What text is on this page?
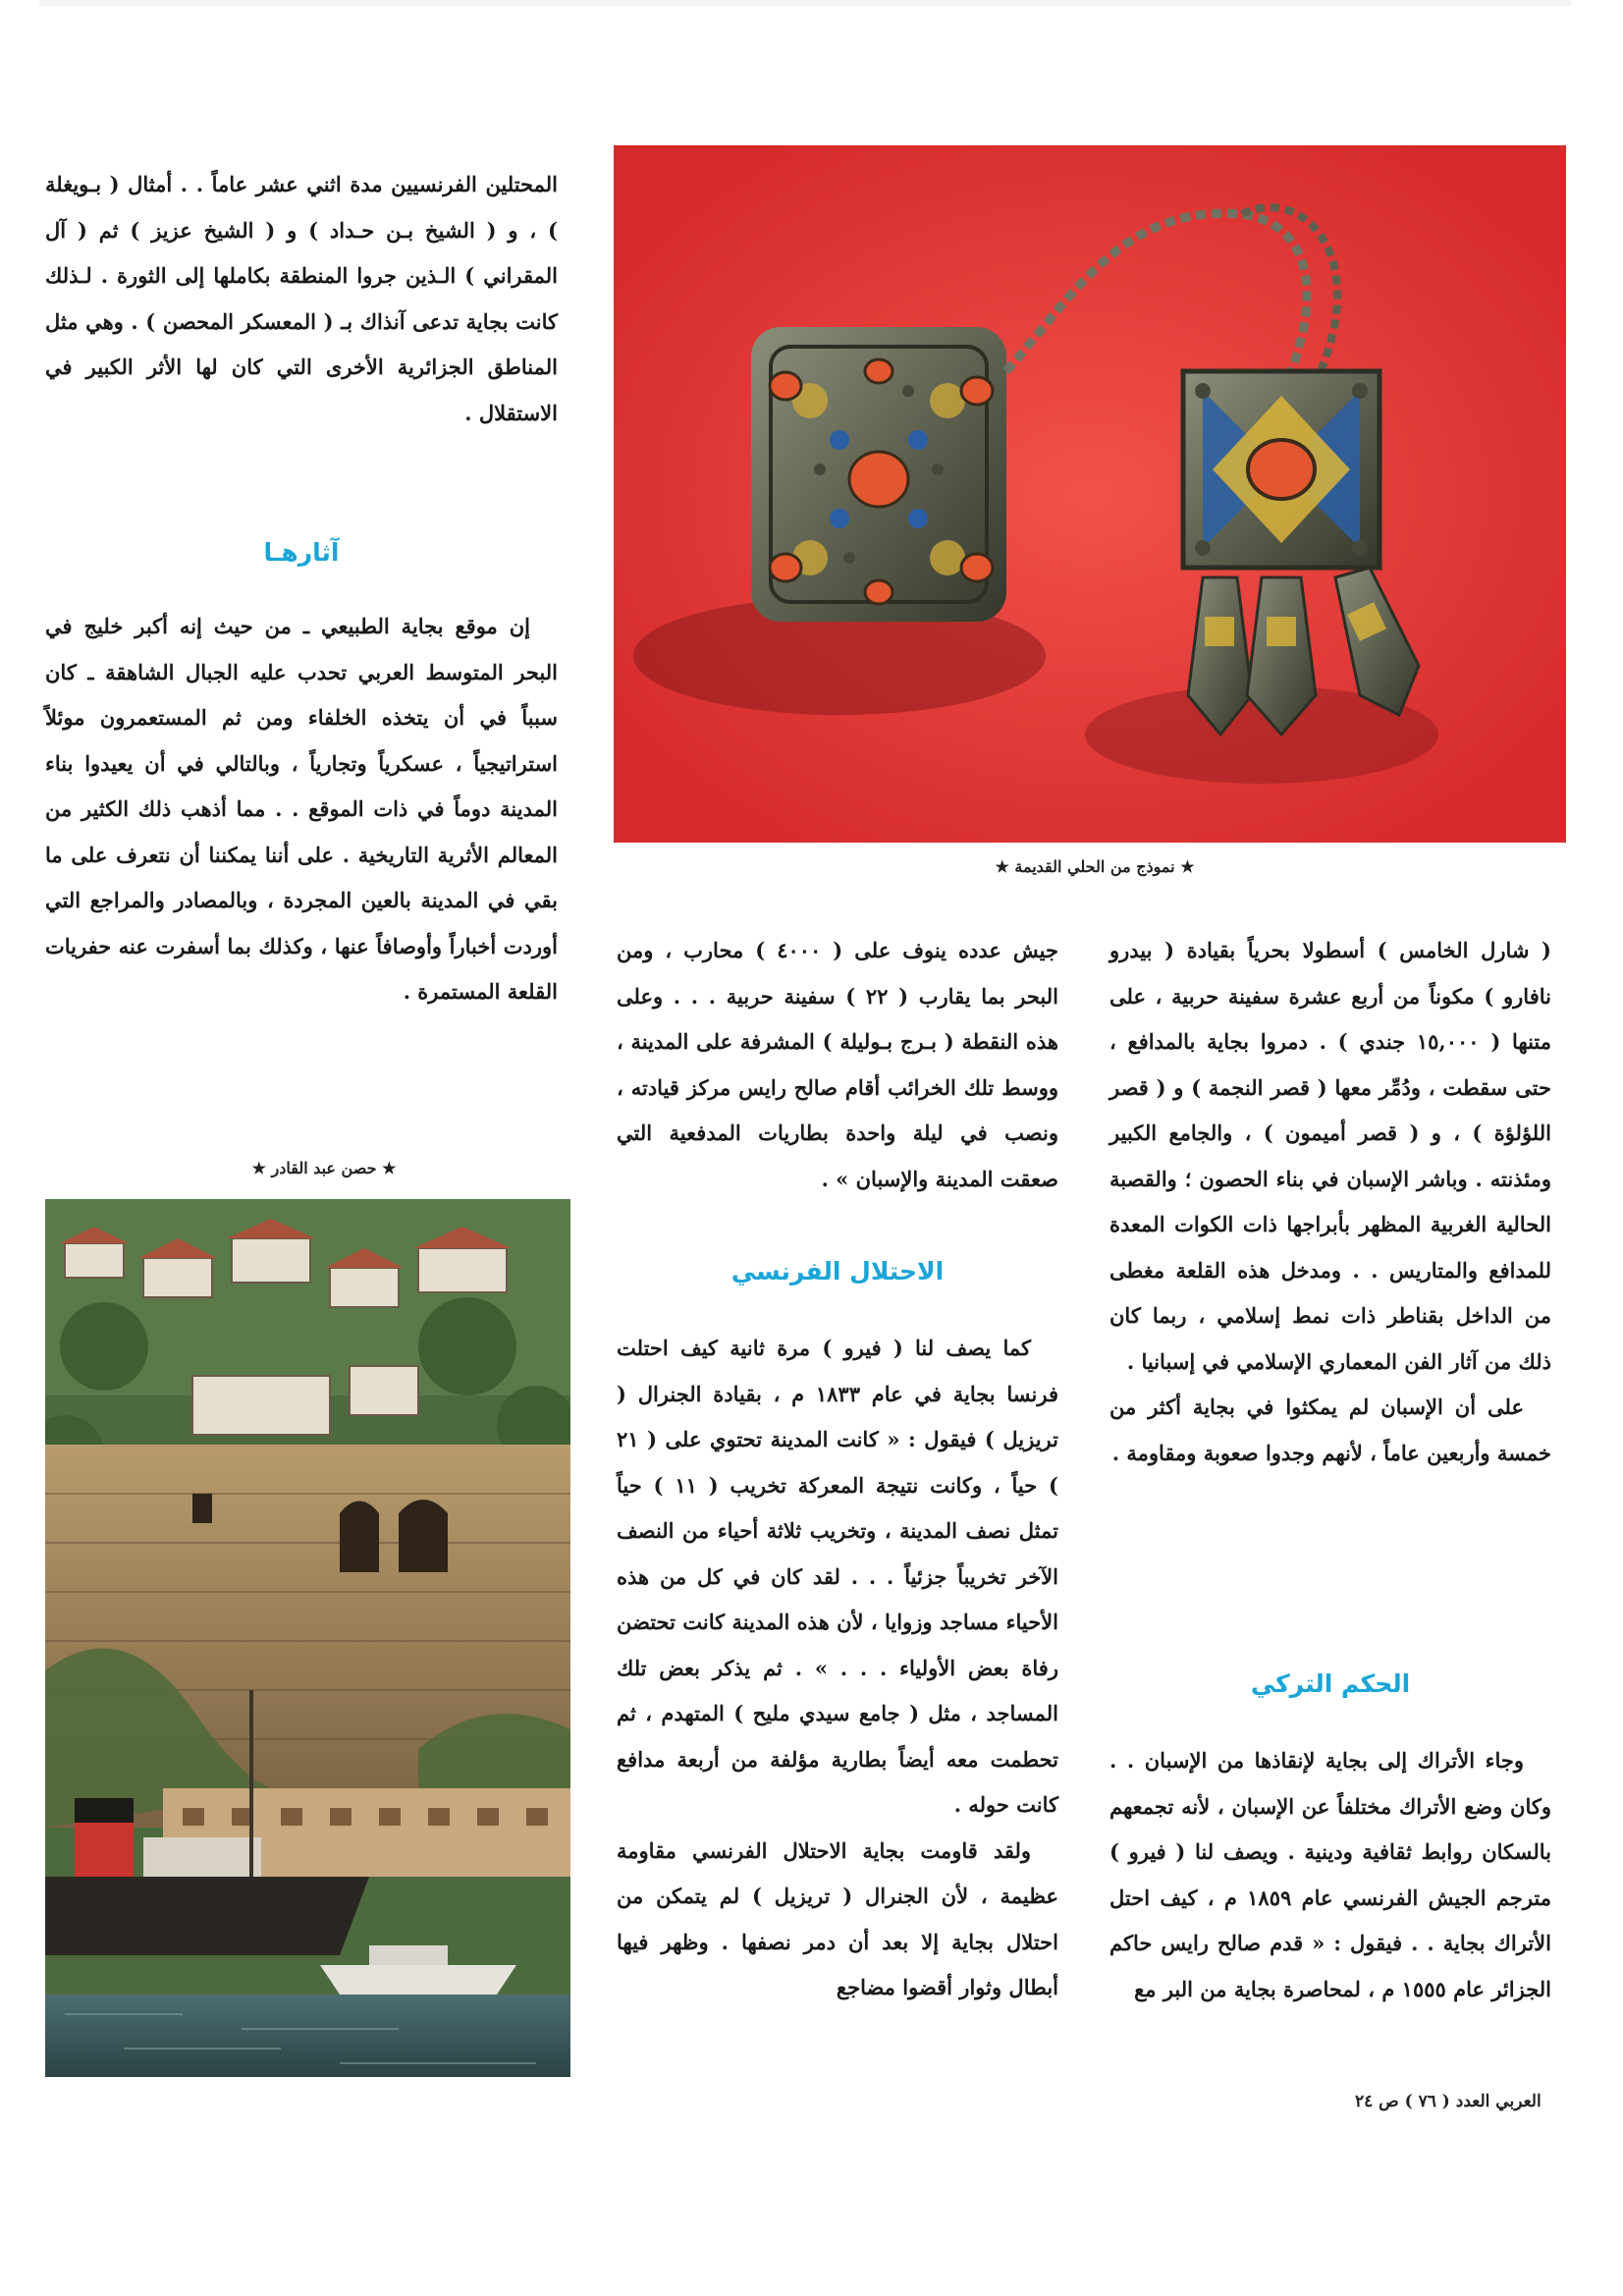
★ نموذج من الحلي القديمة ★

المحتلين الفرنسيين مدة اثني عشر عاماً . . أمثال ( بـويغلة ) ، و ( الشيخ بـن حـداد ) و ( الشيخ عزيز ) ثم ( آل المقراني ) الـذين جروا المنطقة بكاملها إلى الثورة . لـذلك كانت بجاية تدعى آنذاك بـ ( المعسكر المحصن ) . وهي مثل المناطق الجزائرية الأخرى التي كان لها الأثر الكبير في الاستقلال .

آثارهـا

إن موقع بجاية الطبيعي ـ من حيث إنه أكبر خليج في البحر المتوسط العربي تحدب عليه الجبال الشاهقة ـ كان سبباً في أن يتخذه الخلفاء ومن ثم المستعمرون موئلاً استراتيجياً ، عسكرياً وتجارياً ، وبالتالي في أن يعيدوا بناء المدينة دوماً في ذات الموقع . . مما أذهب ذلك الكثير من المعالم الأثرية التاريخية . على أننا يمكننا أن نتعرف على ما بقي في المدينة بالعين المجردة ، وبالمصادر والمراجع التي أوردت أخباراً وأوصافاً عنها ، وكذلك بما أسفرت عنه حفريات القلعة المستمرة .

★ حصن عبد القادر ★

جيش عدده ينوف على ( ٤٠٠٠ ) محارب ، ومن البحر بما يقارب ( ٢٢ ) سفينة حربية . . . وعلى هذه النقطة ( بـرج بـوليلة ) المشرفة على المدينة ، ووسط تلك الخرائب أقام صالح رايس مركز قيادته ، ونصب في ليلة واحدة بطاريات المدفعية التي صعقت المدينة والإسبان » .

الاحتلال الفرنسي

كما يصف لنا ( فيرو ) مرة ثانية كيف احتلت فرنسا بجاية في عام ١٨٣٣ م ، بقيادة الجنرال ( تريزيل ) فيقول : « كانت المدينة تحتوي على ( ٢١ ) حياً ، وكانت نتيجة المعركة تخريب ( ١١ ) حياً تمثل نصف المدينة ، وتخريب ثلاثة أحياء من النصف الآخر تخريباً جزئياً . . . لقد كان في كل من هذه الأحياء مساجد وزوايا ، لأن هذه المدينة كانت تحتضن رفاة بعض الأولياء . . . » . ثم يذكر بعض تلك المساجد ، مثل ( جامع سيدي مليح ) المتهدم ، ثم تحطمت معه أيضاً بطارية مؤلفة من أربعة مدافع كانت حوله .

ولقد قاومت بجاية الاحتلال الفرنسي مقاومة عظيمة ، لأن الجنرال ( تريزيل ) لم يتمكن من احتلال بجاية إلا بعد أن دمر نصفها . وظهر فيها أبطال وثوار أقضوا مضاجع

( شارل الخامس ) أسطولا بحرياً بقيادة ( بيدرو نافارو ) مكوناً من أربع عشرة سفينة حربية ، على متنها ( ١٥,٠٠٠ جندي ) . دمروا بجاية بالمدافع ، حتى سقطت ، ودُمِّر معها ( قصر النجمة ) و ( قصر اللؤلؤة ) ، و ( قصر أميمون ) ، والجامع الكبير ومئذنته . وباشر الإسبان في بناء الحصون ؛ والقصبة الحالية الغربية المظهر بأبراجها ذات الكوات المعدة للمدافع والمتاريس . . ومدخل هذه القلعة مغطى من الداخل بقناطر ذات نمط إسلامي ، ربما كان ذلك من آثار الفن المعماري الإسلامي في إسبانيا .

على أن الإسبان لم يمكثوا في بجاية أكثر من خمسة وأربعين عاماً ، لأنهم وجدوا صعوبة ومقاومة .

الحكم التركي

وجاء الأتراك إلى بجاية لإنقاذها من الإسبان . . وكان وضع الأتراك مختلفاً عن الإسبان ، لأنه تجمعهم بالسكان روابط ثقافية ودينية . ويصف لنا ( فيرو ) مترجم الجيش الفرنسي عام ١٨٥٩ م ، كيف احتل الأتراك بجاية . . فيقول : « قدم صالح رايس حاكم الجزائر عام ١٥٥٥ م ، لمحاصرة بجاية من البر مع

العربي العدد ( ٧٦ ) ص ٢٤
